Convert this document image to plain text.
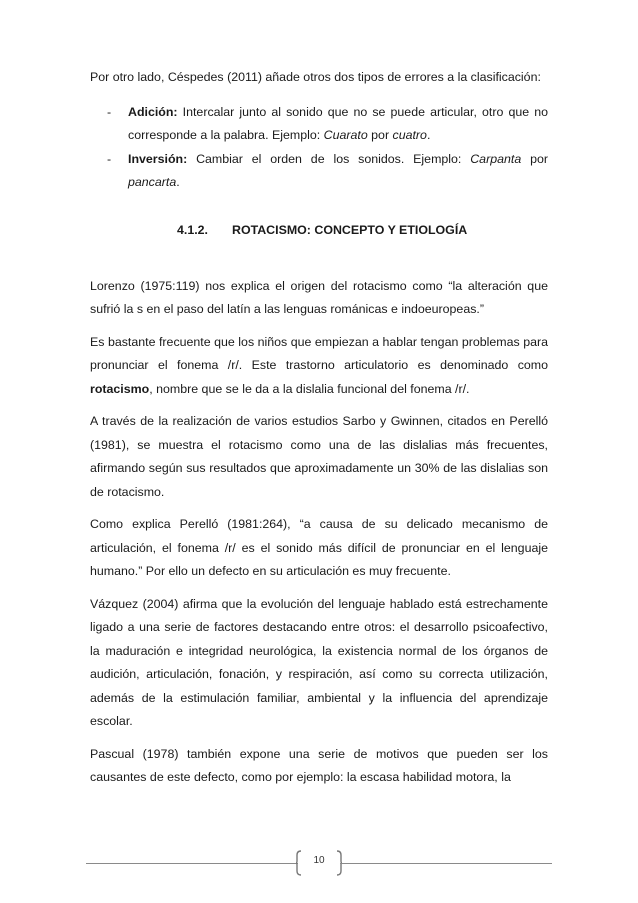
Por otro lado, Céspedes (2011) añade otros dos tipos de errores a la clasificación:

- Adición: Intercalar junto al sonido que no se puede articular, otro que no corresponde a la palabra. Ejemplo: Cuarato por cuatro.
- Inversión: Cambiar el orden de los sonidos. Ejemplo: Carpanta por pancarta.
4.1.2. ROTACISMO: CONCEPTO Y ETIOLOGÍA

Lorenzo (1975:119) nos explica el origen del rotacismo como “la alteración que sufrió la s en el paso del latín a las lenguas románicas e indoeuropeas.”

Es bastante frecuente que los niños que empiezan a hablar tengan problemas para pronunciar el fonema /r/. Este trastorno articulatorio es denominado como rotacismo, nombre que se le da a la dislalia funcional del fonema /r/.

A través de la realización de varios estudios Sarbo y Gwinnen, citados en Perelló (1981), se muestra el rotacismo como una de las dislalias más frecuentes, afirmando según sus resultados que aproximadamente un 30% de las dislalias son de rotacismo.

Como explica Perelló (1981:264), “a causa de su delicado mecanismo de articulación, el fonema /r/ es el sonido más difícil de pronunciar en el lenguaje humano.” Por ello un defecto en su articulación es muy frecuente.

Vázquez (2004) afirma que la evolución del lenguaje hablado está estrechamente ligado a una serie de factores destacando entre otros: el desarrollo psicoafectivo, la maduración e integridad neurológica, la existencia normal de los órganos de audición, articulación, fonación, y respiración, así como su correcta utilización, además de la estimulación familiar, ambiental y la influencia del aprendizaje escolar.

Pascual (1978) también expone una serie de motivos que pueden ser los causantes de este defecto, como por ejemplo: la escasa habilidad motora, la

10
